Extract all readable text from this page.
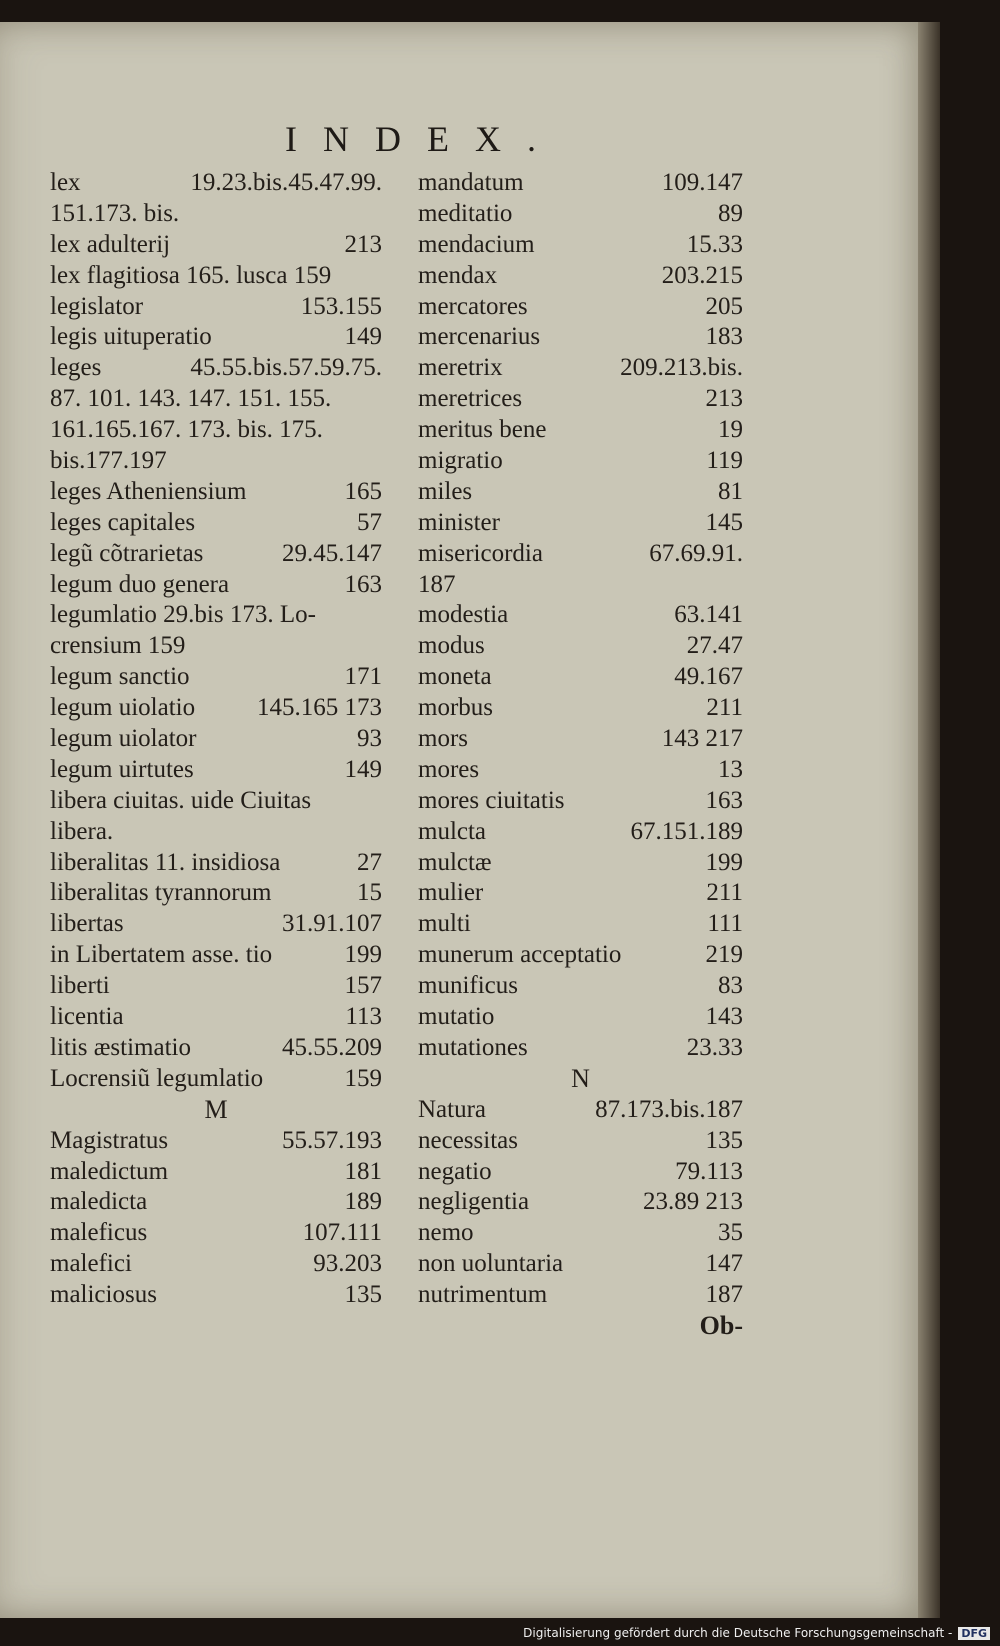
INDEX.
lex	19.23.bis.45.47.99.
151.173. bis.
lex adulterij	213
lex flagitiosa 165. lusca 159
legislator	153.155
legis uituperatio	149
leges	45.55.bis.57.59.75.
87. 101. 143. 147. 151. 155.
161.165.167. 173. bis. 175.
bis.177.197
leges Atheniensium	165
leges capitales	57
legũ cõtrarietas	29.45.147
legum duo genera	163
legumlatio 29.bis 173. Lo-
crensium 159
legum sanctio	171
legum uiolatio 145.165 173
legum uiolator	93
legum uirtutes	149
libera ciuitas. uide Ciuitas
libera.
liberalitas 11. insidiosa	27
liberalitas tyrannorum	15
libertas	31.91.107
in Libertatem asse. tio	199
liberti	157
licentia	113
litis æstimatio	45.55.209
Locrensiũ legumlatio	159
M
Magistratus	55.57.193
maledictum	181
maledicta	189
maleficus	107.111
malefici	93.203
maliciosus	135
mandatum	109.147
meditatio	89
mendacium	15.33
mendax	203.215
mercatores	205
mercenarius	183
meretrix	209.213.bis.
meretrices	213
meritus bene	19
migratio	119
miles	81
minister	145
misericordia	67.69.91.
187
modestia	63.141
modus	27.47
moneta	49.167
morbus	211
mors	143 217
mores	13
mores ciuitatis	163
mulcta	67.151.189
mulctæ	199
mulier	211
multi	111
munerum acceptatio	219
munificus	83
mutatio	143
mutationes	23.33
N
Natura	87.173.bis.187
necessitas	135
negatio	79.113
negligentia	23.89 213
nemo	35
non uoluntaria	147
nutrimentum	187
Ob-
Digitalisierung gefördert durch die Deutsche Forschungsgemeinschaft - DFG
